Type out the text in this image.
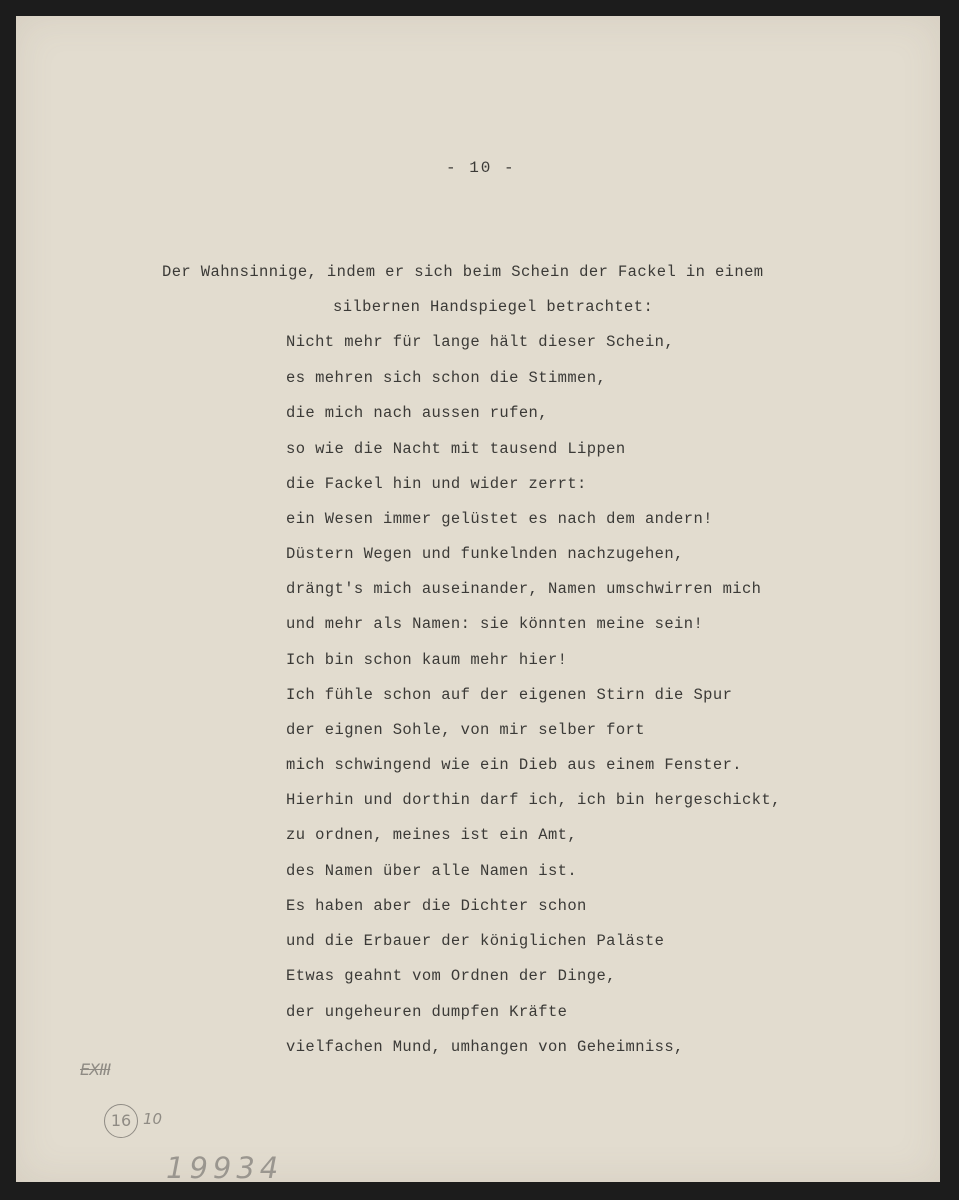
- 10 -
Der Wahnsinnige, indem er sich beim Schein der Fackel in einem
silbernen Handspiegel betrachtet:
Nicht mehr für lange hält dieser Schein,
es mehren sich schon die Stimmen,
die mich nach aussen rufen,
so wie die Nacht mit tausend Lippen
die Fackel hin und wider zerrt:
ein Wesen immer gelüstet es nach dem andern!
Düstern Wegen und funkelnden nachzugehen,
drängt's mich auseinander, Namen umschwirren mich
und mehr als Namen: sie könnten meine sein!
Ich bin schon kaum mehr hier!
Ich fühle schon auf der eigenen Stirn die Spur
der eignen Sohle, von mir selber fort
mich schwingend wie ein Dieb aus einem Fenster.
Hierhin und dorthin darf ich, ich bin hergeschickt,
zu ordnen, meines ist ein Amt,
des Namen über alle Namen ist.
Es haben aber die Dichter schon
und die Erbauer der königlichen Paläste
Etwas geahnt vom Ordnen der Dinge,
der ungeheuren dumpfen Kräfte
vielfachen Mund, umhangen von Geheimniss,
EXIII
16 10
19934
